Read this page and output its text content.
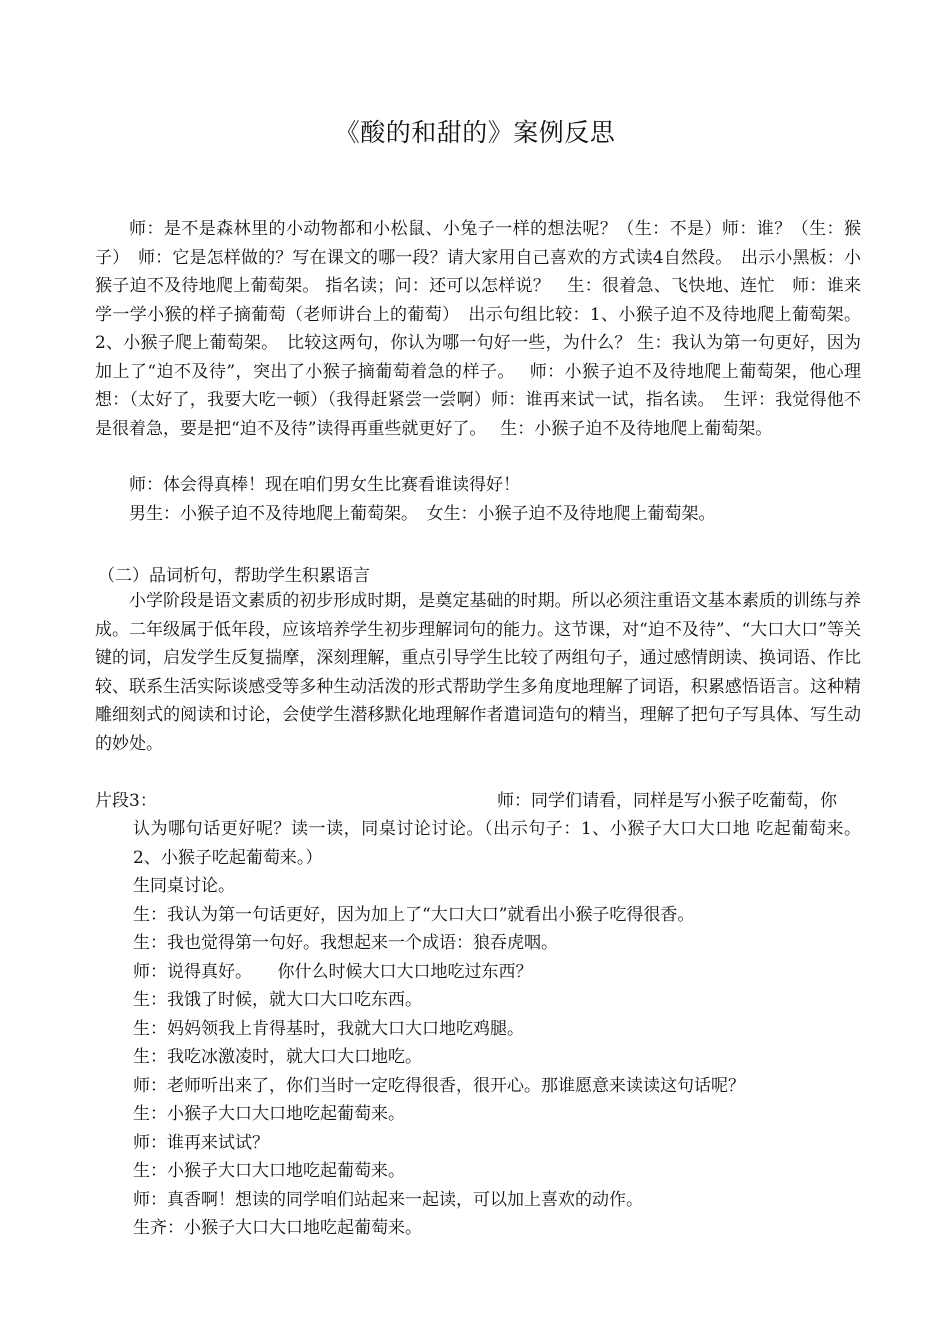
《酸的和甜的》案例反思

师：是不是森林里的小动物都和小松鼠、小兔子一样的想法呢？（生：不是）师：谁？（生：猴子）　师：它是怎样做的？写在课文的哪一段？请大家用自己喜欢的方式读4自然段。　出示小黑板：小猴子迫不及待地爬上葡萄架。 指名读；问：还可以怎样说？　生：很着急、飞快地、连忙　师：谁来学一学小猴的样子摘葡萄（老师讲台上的葡萄）　出示句组比较：1、小猴子迫不及待地爬上葡萄架。2、小猴子爬上葡萄架。　比较这两句，你认为哪一句好一些，为什么？ 生：我认为第一句更好，因为加上了“迫不及待”，突出了小猴子摘葡萄着急的样子。　 师：小猴子迫不及待地爬上葡萄架，他心理想：（太好了，我要大吃一顿）（我得赶紧尝一尝啊）师：谁再来试一试，指名读。　生评：我觉得他不是很着急，要是把“迫不及待”读得再重些就更好了。　 生：小猴子迫不及待地爬上葡萄架。

师：体会得真棒！现在咱们男女生比赛看谁读得好！

男生：小猴子迫不及待地爬上葡萄架。　女生：小猴子迫不及待地爬上葡萄架。

（二）品词析句，帮助学生积累语言

小学阶段是语文素质的初步形成时期，是奠定基础的时期。所以必须注重语文基本素质的训练与养成。二年级属于低年段，应该培养学生初步理解词句的能力。这节课，对“迫不及待”、“大口大口”等关键的词，启发学生反复揣摩，深刻理解，重点引导学生比较了两组句子，通过感情朗读、换词语、作比较、联系生活实际谈感受等多种生动活泼的形式帮助学生多角度地理解了词语，积累感悟语言。这种精雕细刻式的阅读和讨论，会使学生潜移默化地理解作者遣词造句的精当，理解了把句子写具体、写生动的妙处。

片段3：	师：同学们请看，同样是写小猴子吃葡萄，你

认为哪句话更好呢？读一读，同桌讨论讨论。（出示句子：1、小猴子大口大口地 吃起葡萄来。 2、小猴子吃起葡萄来。）

生同桌讨论。

生：我认为第一句话更好，因为加上了“大口大口”就看出小猴子吃得很香。

生：我也觉得第一句好。我想起来一个成语：狼吞虎咽。

师：说得真好。　　你什么时候大口大口地吃过东西？

生：我饿了时候，就大口大口吃东西。

生：妈妈领我上肯得基时，我就大口大口地吃鸡腿。

生：我吃冰激凌时，就大口大口地吃。

师：老师听出来了，你们当时一定吃得很香，很开心。那谁愿意来读读这句话呢？

生：小猴子大口大口地吃起葡萄来。

师：谁再来试试？

生：小猴子大口大口地吃起葡萄来。

师：真香啊！想读的同学咱们站起来一起读，可以加上喜欢的动作。

生齐：小猴子大口大口地吃起葡萄来。
